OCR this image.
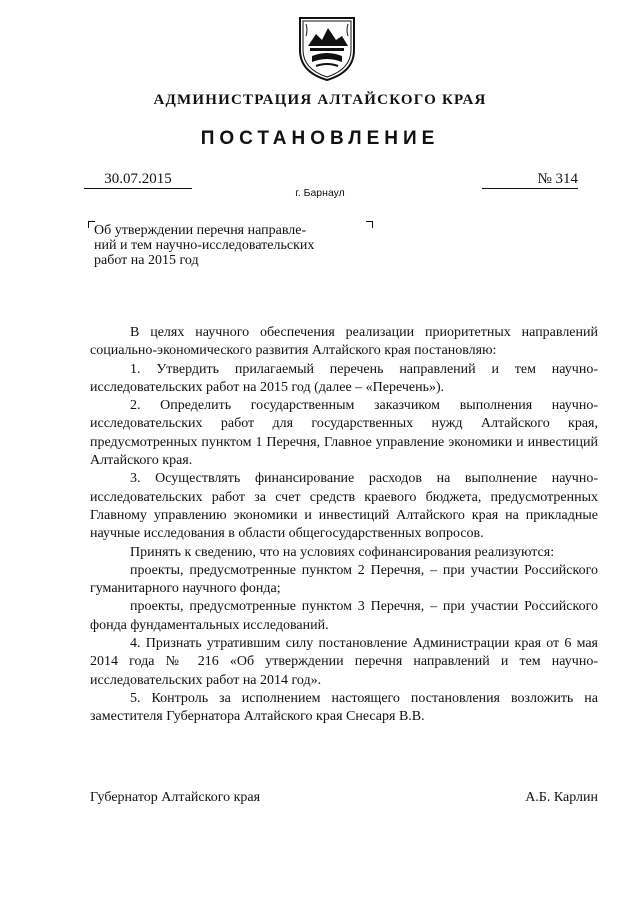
АДМИНИСТРАЦИЯ АЛТАЙСКОГО КРАЯ
ПОСТАНОВЛЕНИЕ
30.07.2015	№ 314
г. Барнаул
Об утверждении перечня направле-
ний и тем научно-исследовательских
работ на 2015 год

В целях научного обеспечения реализации приоритетных направлений социально-экономического развития Алтайского края постановляю:

1. Утвердить прилагаемый перечень направлений и тем научно-исследовательских работ на 2015 год (далее – «Перечень»).

2. Определить государственным заказчиком выполнения научно-исследовательских работ для государственных нужд Алтайского края, предусмотренных пунктом 1 Перечня, Главное управление экономики и инвестиций Алтайского края.

3. Осуществлять финансирование расходов на выполнение научно-исследовательских работ за счет средств краевого бюджета, предусмотренных Главному управлению экономики и инвестиций Алтайского края на прикладные научные исследования в области общегосударственных вопросов.

Принять к сведению, что на условиях софинансирования реализуются:

проекты, предусмотренные пунктом 2 Перечня, – при участии Российского гуманитарного научного фонда;

проекты, предусмотренные пунктом 3 Перечня, – при участии Российского фонда фундаментальных исследований.

4. Признать утратившим силу постановление Администрации края от 6 мая 2014 года № 216 «Об утверждении перечня направлений и тем научно-исследовательских работ на 2014 год».

5. Контроль за исполнением настоящего постановления возложить на заместителя Губернатора Алтайского края Снесаря В.В.

Губернатор Алтайского края	А.Б. Карлин
